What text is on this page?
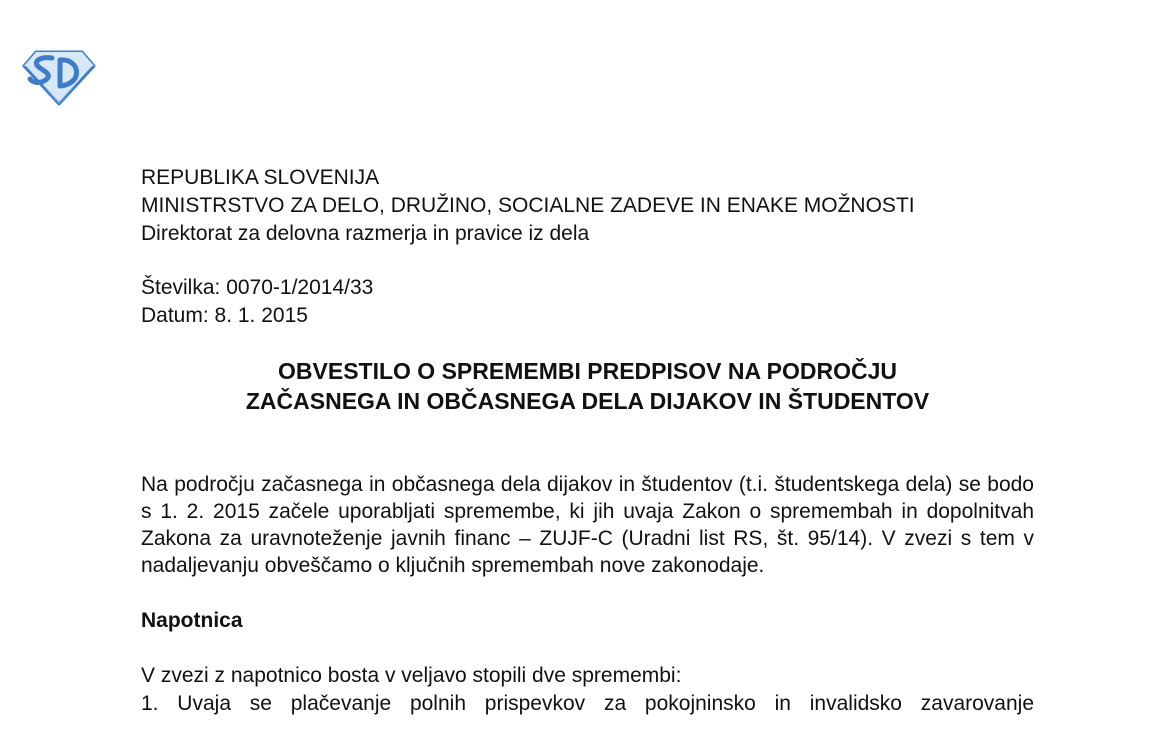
REPUBLIKA SLOVENIJA
MINISTRSTVO ZA DELO, DRUŽINO, SOCIALNE ZADEVE IN ENAKE MOŽNOSTI
Direktorat za delovna razmerja in pravice iz dela
Številka: 0070-1/2014/33
Datum: 8. 1. 2015
OBVESTILO O SPREMEMBI PREDPISOV NA PODROČJU
ZAČASNEGA IN OBČASNEGA DELA DIJAKOV IN ŠTUDENTOV
Na področju začasnega in občasnega dela dijakov in študentov (t.i. študentskega dela) se bodo s 1. 2. 2015 začele uporabljati spremembe, ki jih uvaja Zakon o spremembah in dopolnitvah Zakona za uravnoteženje javnih financ – ZUJF-C (Uradni list RS, št. 95/14). V zvezi s tem v nadaljevanju obveščamo o ključnih spremembah nove zakonodaje.
Napotnica
V zvezi z napotnico bosta v veljavo stopili dve spremembi:
1. Uvaja se plačevanje polnih prispevkov za pokojninsko in invalidsko zavarovanje
